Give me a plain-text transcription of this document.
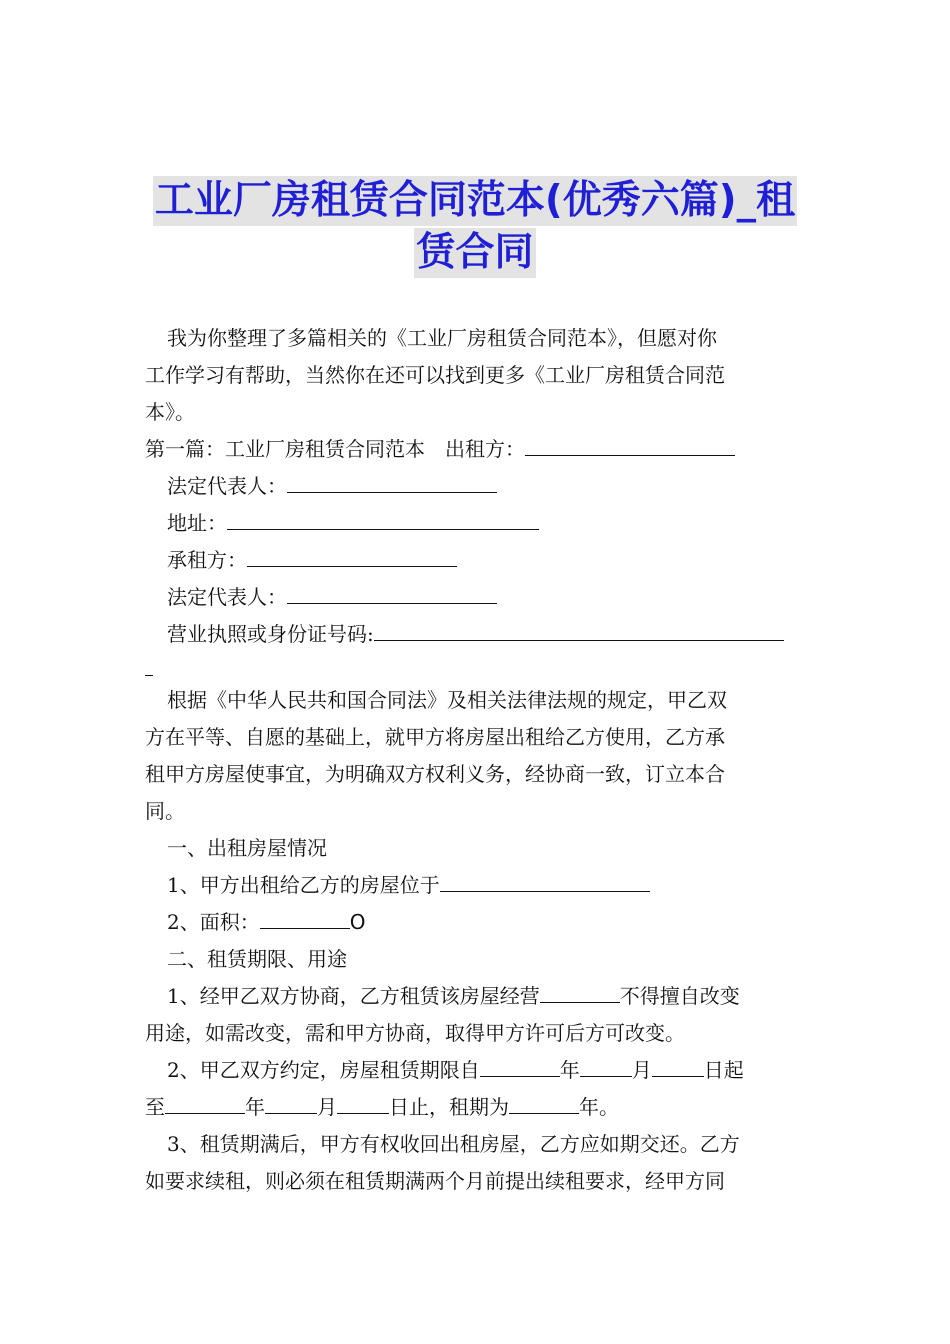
工业厂房租赁合同范本(优秀六篇)_租
赁合同

我为你整理了多篇相关的《工业厂房租赁合同范本》，但愿对你

工作学习有帮助，当然你在还可以找到更多《工业厂房租赁合同范

本》。

第一篇：工业厂房租赁合同范本　出租方：

法定代表人：

地址：

承租方：

法定代表人：

营业执照或身份证号码:

根据《中华人民共和国合同法》及相关法律法规的规定，甲乙双

方在平等、自愿的基础上，就甲方将房屋出租给乙方使用，乙方承

租甲方房屋使事宜，为明确双方权利义务，经协商一致，订立本合

同。

一、出租房屋情况

1、甲方出租给乙方的房屋位于

2、面积：	O

二、租赁期限、用途

1、经甲乙双方协商，乙方租赁该房屋经营	不得擅自改变

用途，如需改变，需和甲方协商，取得甲方许可后方可改变。

2、甲乙双方约定，房屋租赁期限自	年	月	日起

至	年	月	日止，租期为	年。

3、租赁期满后，甲方有权收回出租房屋，乙方应如期交还。乙方

如要求续租，则必须在租赁期满两个月前提出续租要求，经甲方同
